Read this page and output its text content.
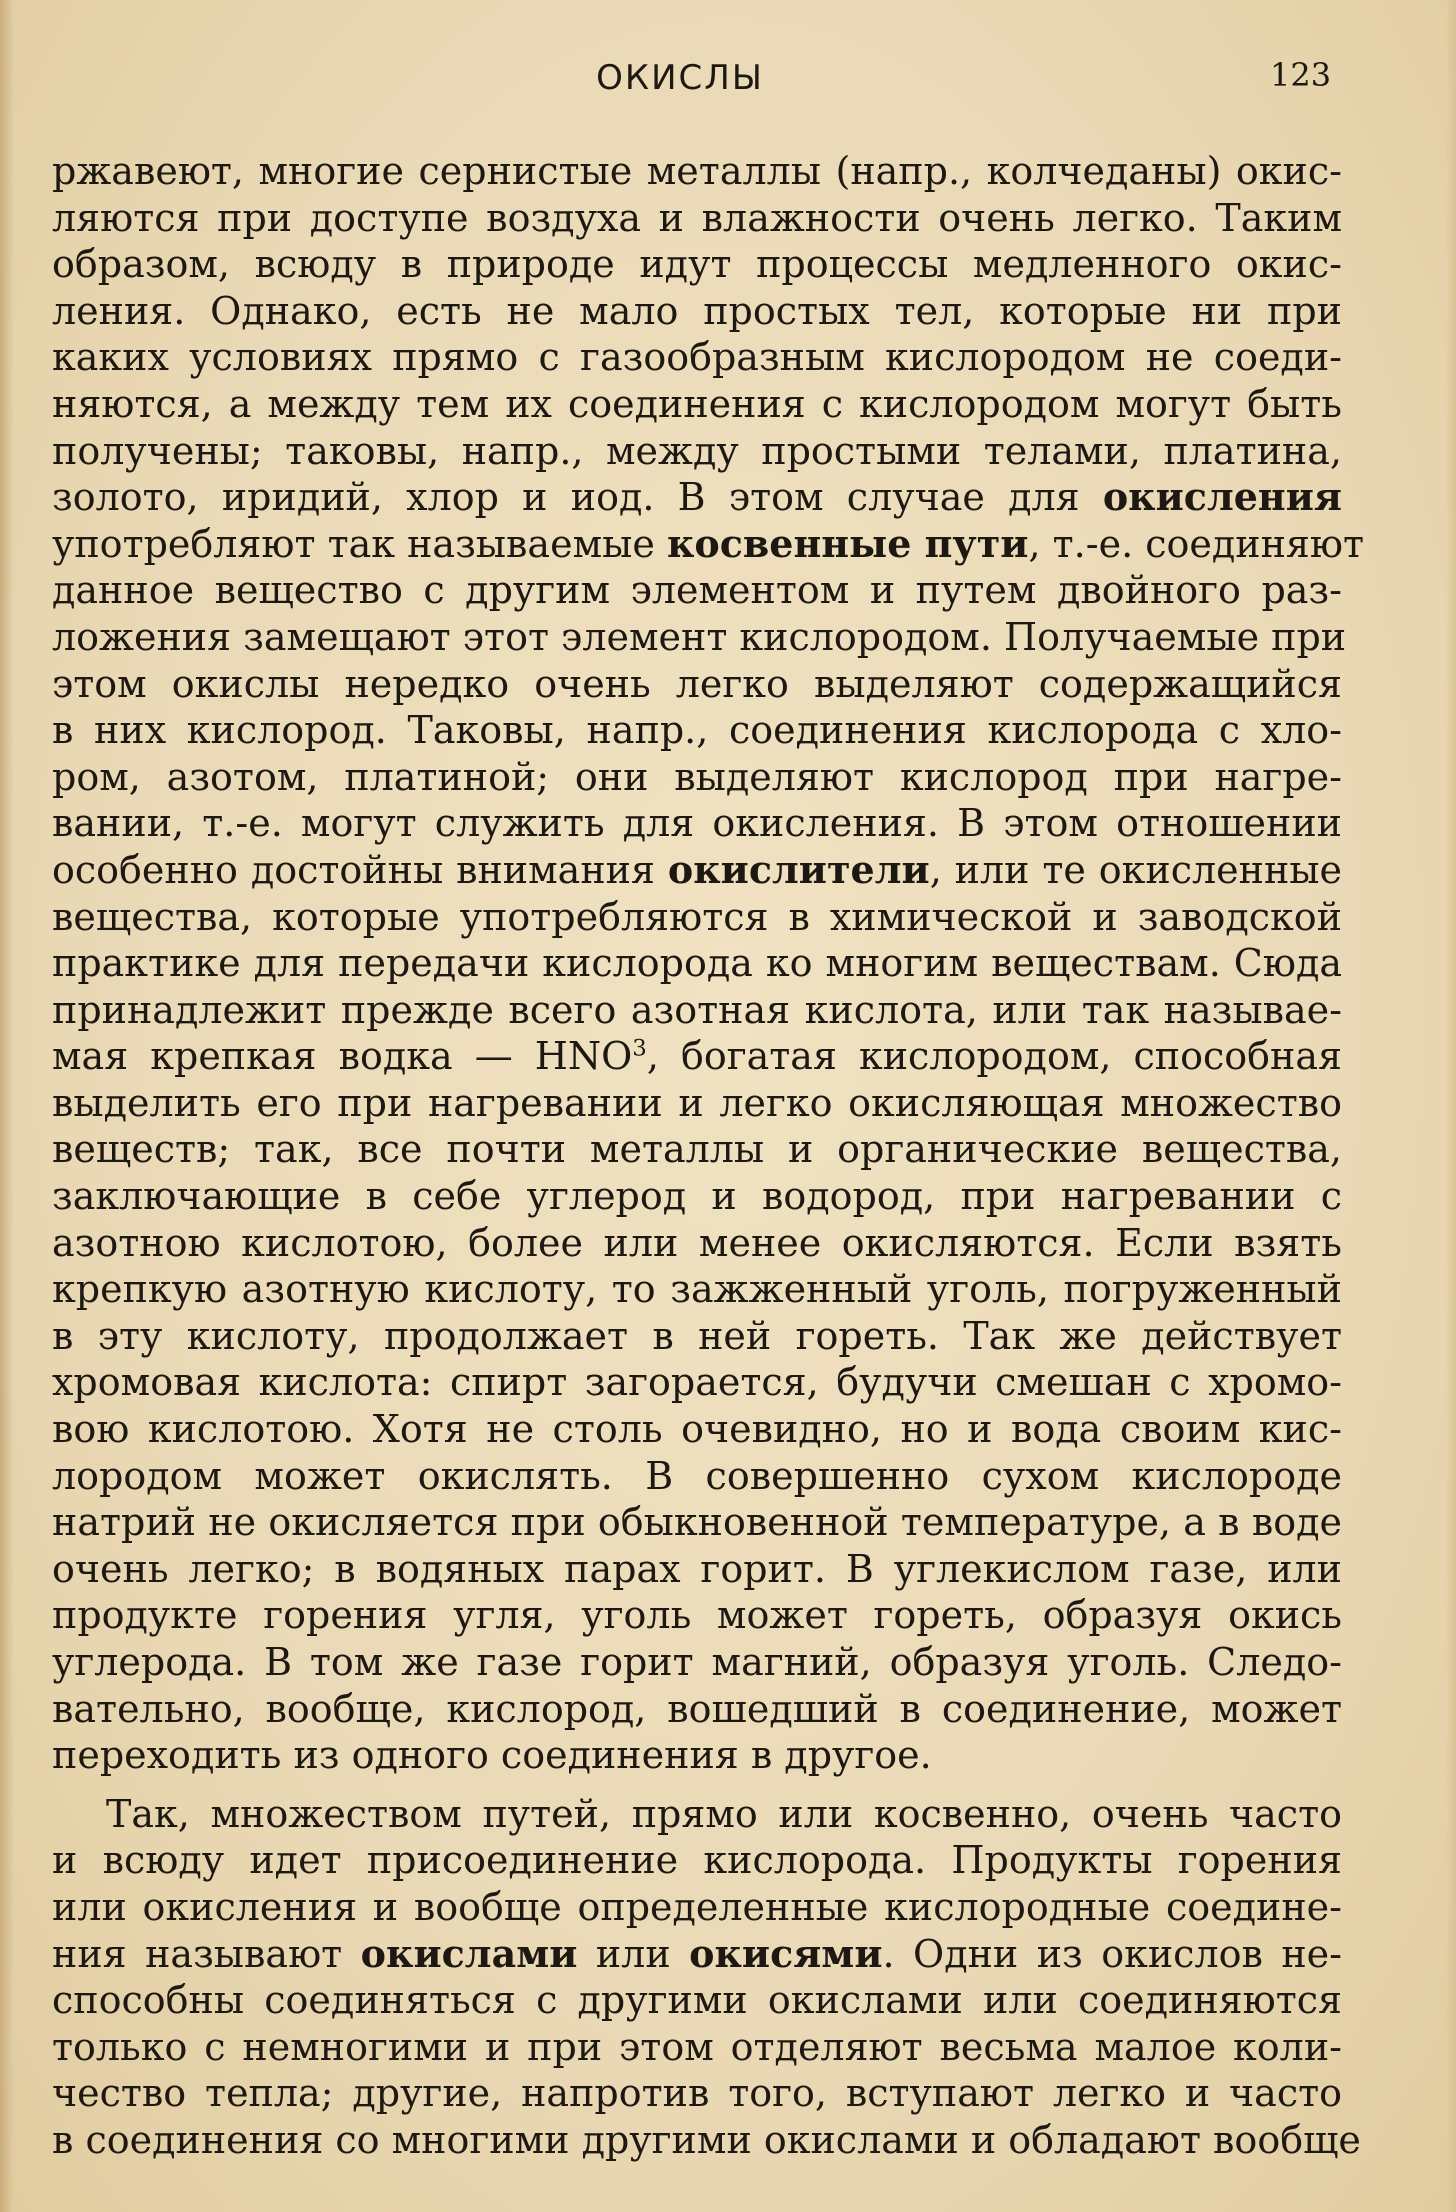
ОКИСЛЫ	123
ржавеют, многие сернистые металлы (напр., колчеданы) окис-
ляются при доступе воздуха и влажности очень легко. Таким
образом, всюду в природе идут процессы медленного окис-
ления. Однако, есть не мало простых тел, которые ни при
каких условиях прямо с газообразным кислородом не соеди-
няются, а между тем их соединения с кислородом могут быть
получены; таковы, напр., между простыми телами, платина,
золото, иридий, хлор и иод. В этом случае для окисления
употребляют так называемые косвенные пути, т.-е. соединяют
данное вещество с другим элементом и путем двойного раз-
ложения замещают этот элемент кислородом. Получаемые при
этом окислы нередко очень легко выделяют содержащийся
в них кислород. Таковы, напр., соединения кислорода с хло-
ром, азотом, платиной; они выделяют кислород при нагре-
вании, т.-е. могут служить для окисления. В этом отношении
особенно достойны внимания окислители, или те окисленные
вещества, которые употребляются в химической и заводской
практике для передачи кислорода ко многим веществам. Сюда
принадлежит прежде всего азотная кислота, или так называе-
мая крепкая водка — HNO$^3$, богатая кислородом, способная
выделить его при нагревании и легко окисляющая множество
веществ; так, все почти металлы и органические вещества,
заключающие в себе углерод и водород, при нагревании с
азотною кислотою, более или менее окисляются. Если взять
крепкую азотную кислоту, то зажженный уголь, погруженный
в эту кислоту, продолжает в ней гореть. Так же действует
хромовая кислота: спирт загорается, будучи смешан с хромо-
вою кислотою. Хотя не столь очевидно, но и вода своим кис-
лородом может окислять. В совершенно сухом кислороде
натрий не окисляется при обыкновенной температуре, а в воде
очень легко; в водяных парах горит. В углекислом газе, или
продукте горения угля, уголь может гореть, образуя окись
углерода. В том же газе горит магний, образуя уголь. Следо-
вательно, вообще, кислород, вошедший в соединение, может
переходить из одного соединения в другое.
Так, множеством путей, прямо или косвенно, очень часто
и всюду идет присоединение кислорода. Продукты горения
или окисления и вообще определенные кислородные соедине-
ния называют окислами или окисями. Одни из окислов не-
способны соединяться с другими окислами или соединяются
только с немногими и при этом отделяют весьма малое коли-
чество тепла; другие, напротив того, вступают легко и часто
в соединения со многими другими окислами и обладают вообще
